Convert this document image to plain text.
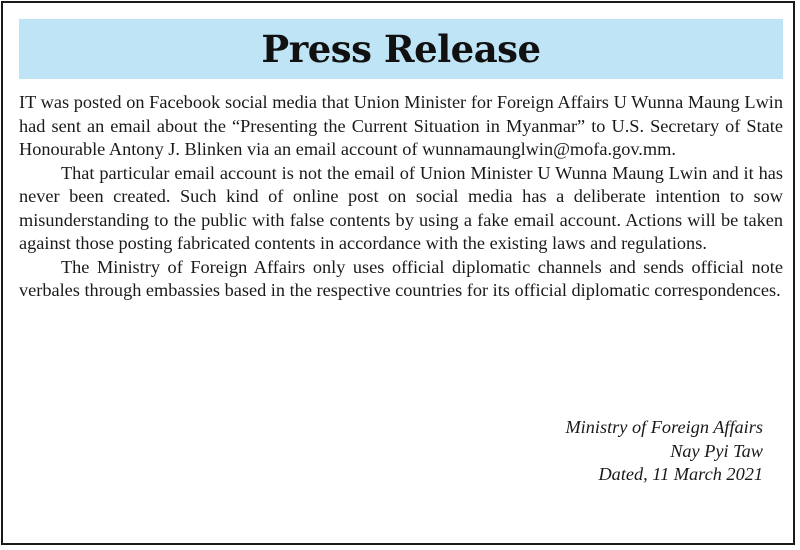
Press Release

IT was posted on Facebook social media that Union Minister for Foreign Affairs U Wunna Maung Lwin had sent an email about the “Presenting the Current Situation in Myanmar” to U.S. Secretary of State Honourable Antony J. Blinken via an email account of wunnamaunglwin@mofa.gov.mm.

That particular email account is not the email of Union Minister U Wunna Maung Lwin and it has never been created. Such kind of online post on social media has a deliberate intention to sow misunderstanding to the public with false contents by using a fake email account. Actions will be taken against those posting fabricated contents in accordance with the existing laws and regulations.

The Ministry of Foreign Affairs only uses official diplomatic channels and sends official note verbales through embassies based in the respective countries for its official diplomatic correspondences.

Ministry of Foreign Affairs
Nay Pyi Taw
Dated, 11 March 2021
